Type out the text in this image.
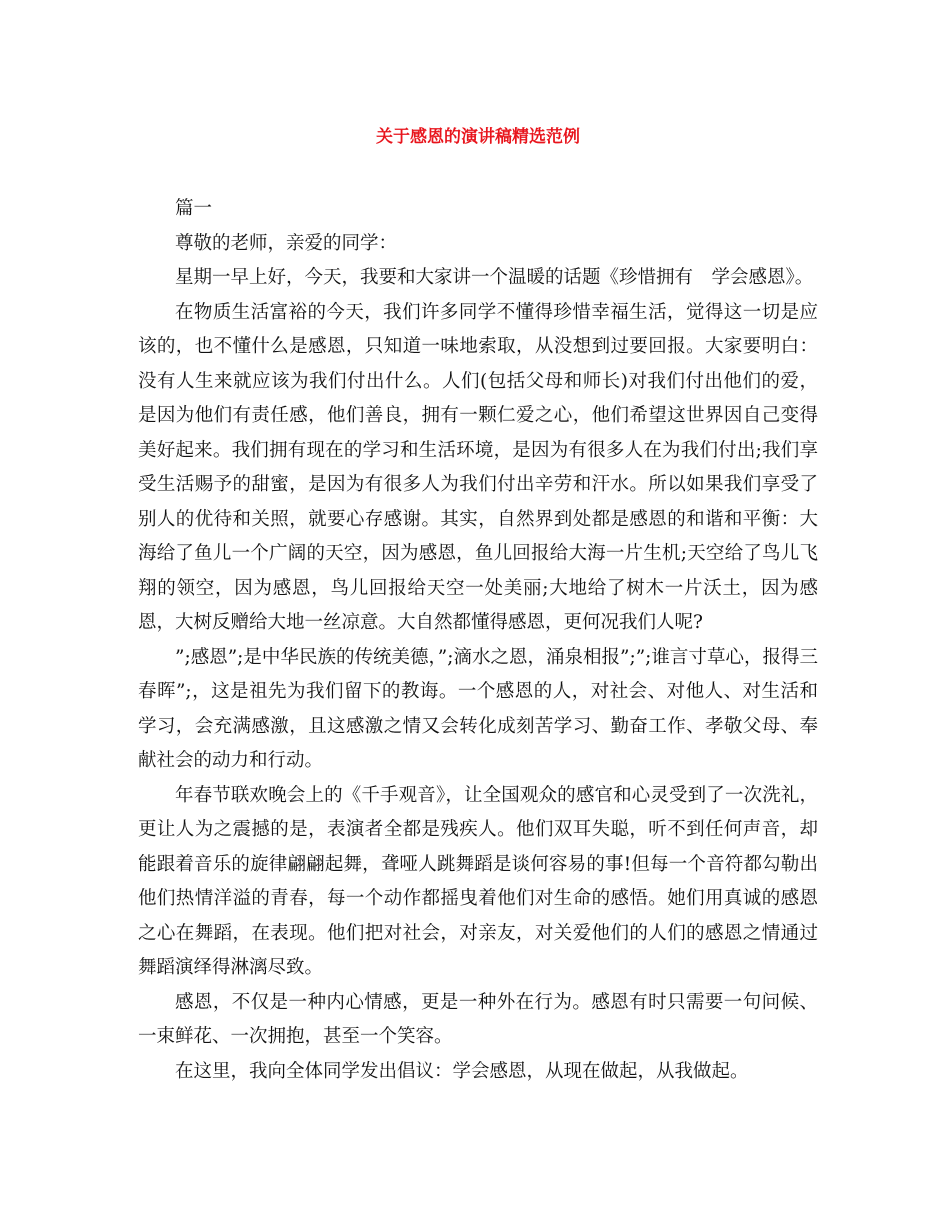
关于感恩的演讲稿精选范例

篇一

尊敬的老师，亲爱的同学：

星期一早上好，今天，我要和大家讲一个温暖的话题《珍惜拥有　学会感恩》。

在物质生活富裕的今天，我们许多同学不懂得珍惜幸福生活，觉得这一切是应该的，也不懂什么是感恩，只知道一味地索取，从没想到过要回报。大家要明白：没有人生来就应该为我们付出什么。人们(包括父母和师长)对我们付出他们的爱，是因为他们有责任感，他们善良，拥有一颗仁爱之心，他们希望这世界因自己变得美好起来。我们拥有现在的学习和生活环境，是因为有很多人在为我们付出;我们享受生活赐予的甜蜜，是因为有很多人为我们付出辛劳和汗水。所以如果我们享受了别人的优待和关照，就要心存感谢。其实，自然界到处都是感恩的和谐和平衡：大海给了鱼儿一个广阔的天空，因为感恩，鱼儿回报给大海一片生机;天空给了鸟儿飞翔的领空，因为感恩，鸟儿回报给天空一处美丽;大地给了树木一片沃土，因为感恩，大树反赠给大地一丝凉意。大自然都懂得感恩，更何况我们人呢?

”;感恩”;是中华民族的传统美德，”;滴水之恩，涌泉相报”;”;谁言寸草心，报得三春晖”;，这是祖先为我们留下的教诲。一个感恩的人，对社会、对他人、对生活和学习，会充满感激，且这感激之情又会转化成刻苦学习、勤奋工作、孝敬父母、奉献社会的动力和行动。

年春节联欢晚会上的《千手观音》，让全国观众的感官和心灵受到了一次洗礼，更让人为之震撼的是，表演者全都是残疾人。他们双耳失聪，听不到任何声音，却能跟着音乐的旋律翩翩起舞，聋哑人跳舞蹈是谈何容易的事!但每一个音符都勾勒出他们热情洋溢的青春，每一个动作都摇曳着他们对生命的感悟。她们用真诚的感恩之心在舞蹈，在表现。他们把对社会，对亲友，对关爱他们的人们的感恩之情通过舞蹈演绎得淋漓尽致。

感恩，不仅是一种内心情感，更是一种外在行为。感恩有时只需要一句问候、一束鲜花、一次拥抱，甚至一个笑容。

在这里，我向全体同学发出倡议：学会感恩，从现在做起，从我做起。
